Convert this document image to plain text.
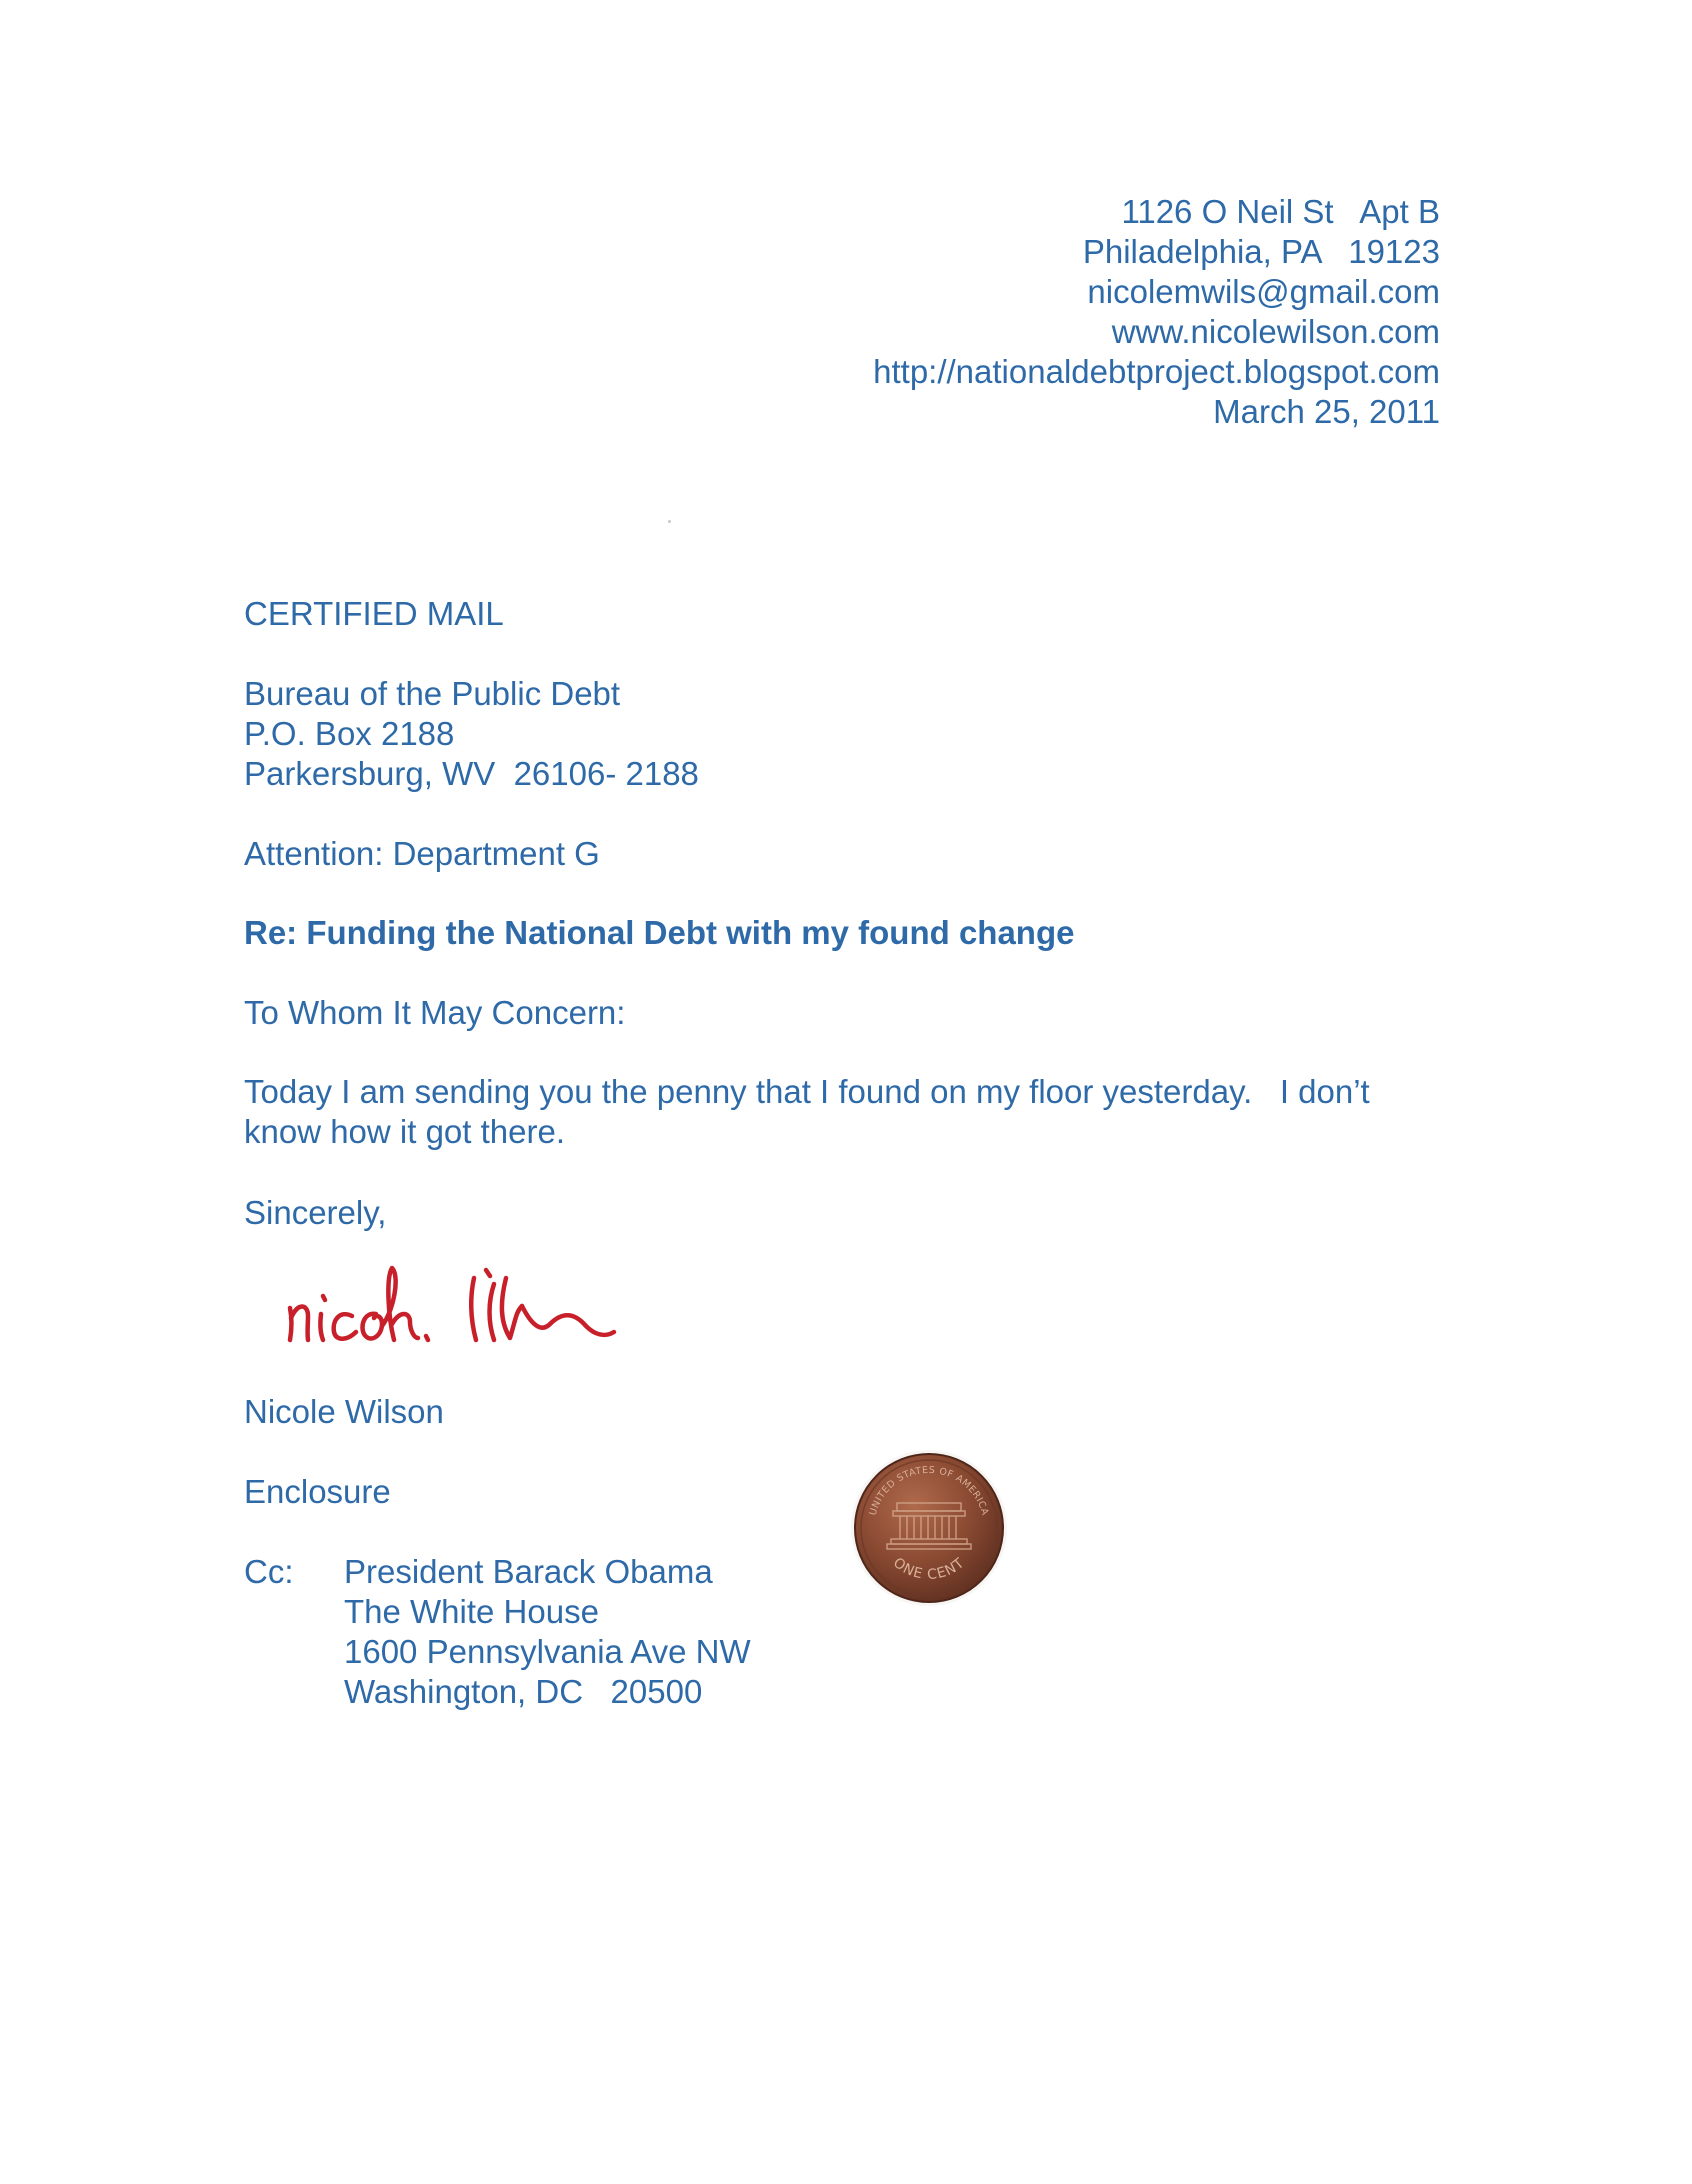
1126 O Neil St   Apt B
Philadelphia, PA   19123
nicolemwils@gmail.com
www.nicolewilson.com
http://nationaldebtproject.blogspot.com
March 25, 2011
CERTIFIED MAIL
Bureau of the Public Debt
P.O. Box 2188
Parkersburg, WV  26106- 2188
Attention: Department G
Re: Funding the National Debt with my found change
To Whom It May Concern:
Today I am sending you the penny that I found on my floor yesterday.   I don’t
know how it got there.
Sincerely,
Nicole Wilson
Enclosure
Cc: President Barack Obama
The White House
1600 Pennsylvania Ave NW
Washington, DC   20500
UNITED STATES OF AMERICA
ONE CENT
